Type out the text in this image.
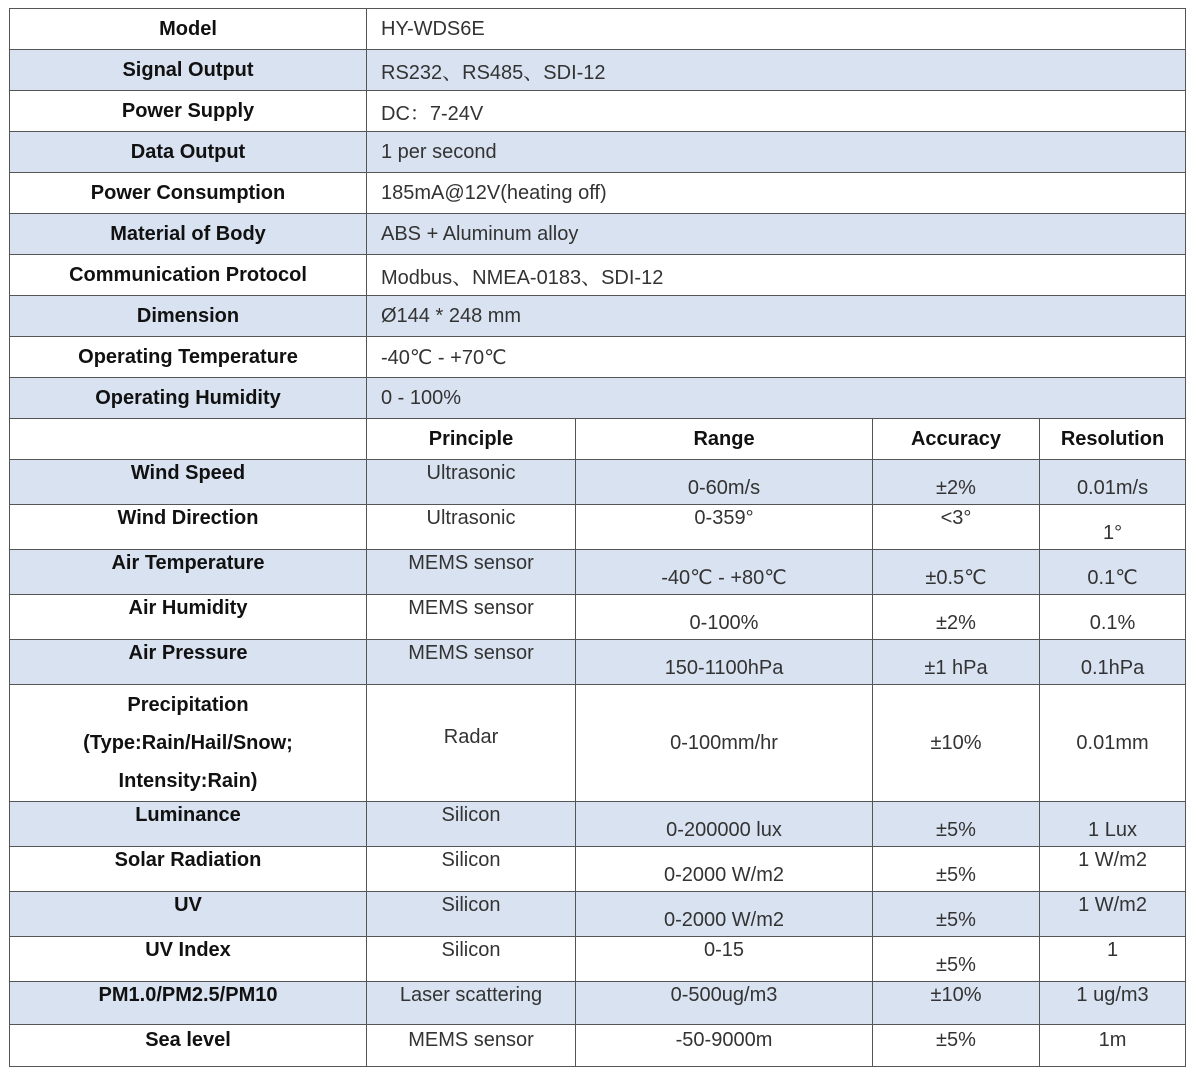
Model	HY-WDS6E			
Signal Output	RS232、RS485、SDI-12			
Power Supply	DC：7-24V			
Data Output	1 per second			
Power Consumption	185mA@12V(heating off)			
Material of Body	ABS + Aluminum alloy			
Communication Protocol	Modbus、NMEA-0183、SDI-12			
Dimension	Ø144 * 248 mm			
Operating Temperature	-40℃ - +70℃			
Operating Humidity	0 - 100%			
	Principle	Range	Accuracy	Resolution
Wind Speed	Ultrasonic	0-60m/s	±2%	0.01m/s
Wind Direction	Ultrasonic	0-359°	<3°	1°
Air Temperature	MEMS sensor	-40℃ - +80℃	±0.5℃	0.1℃
Air Humidity	MEMS sensor	0-100%	±2%	0.1%
Air Pressure	MEMS sensor	150-1100hPa	±1 hPa	0.1hPa

Precipitation
(Type:Rain/Hail/Snow;
Intensity:Rain)	Radar	0-100mm/hr	±10%	0.01mm
Luminance	Silicon	0-200000 lux	±5%	1 Lux
Solar Radiation	Silicon	0-2000 W/m2	±5%	1 W/m2
UV	Silicon	0-2000 W/m2	±5%	1 W/m2
UV Index	Silicon	0-15	±5%	1
PM1.0/PM2.5/PM10	Laser scattering	0-500ug/m3	±10%	1 ug/m3
Sea level	MEMS sensor	-50-9000m	±5%	1m
